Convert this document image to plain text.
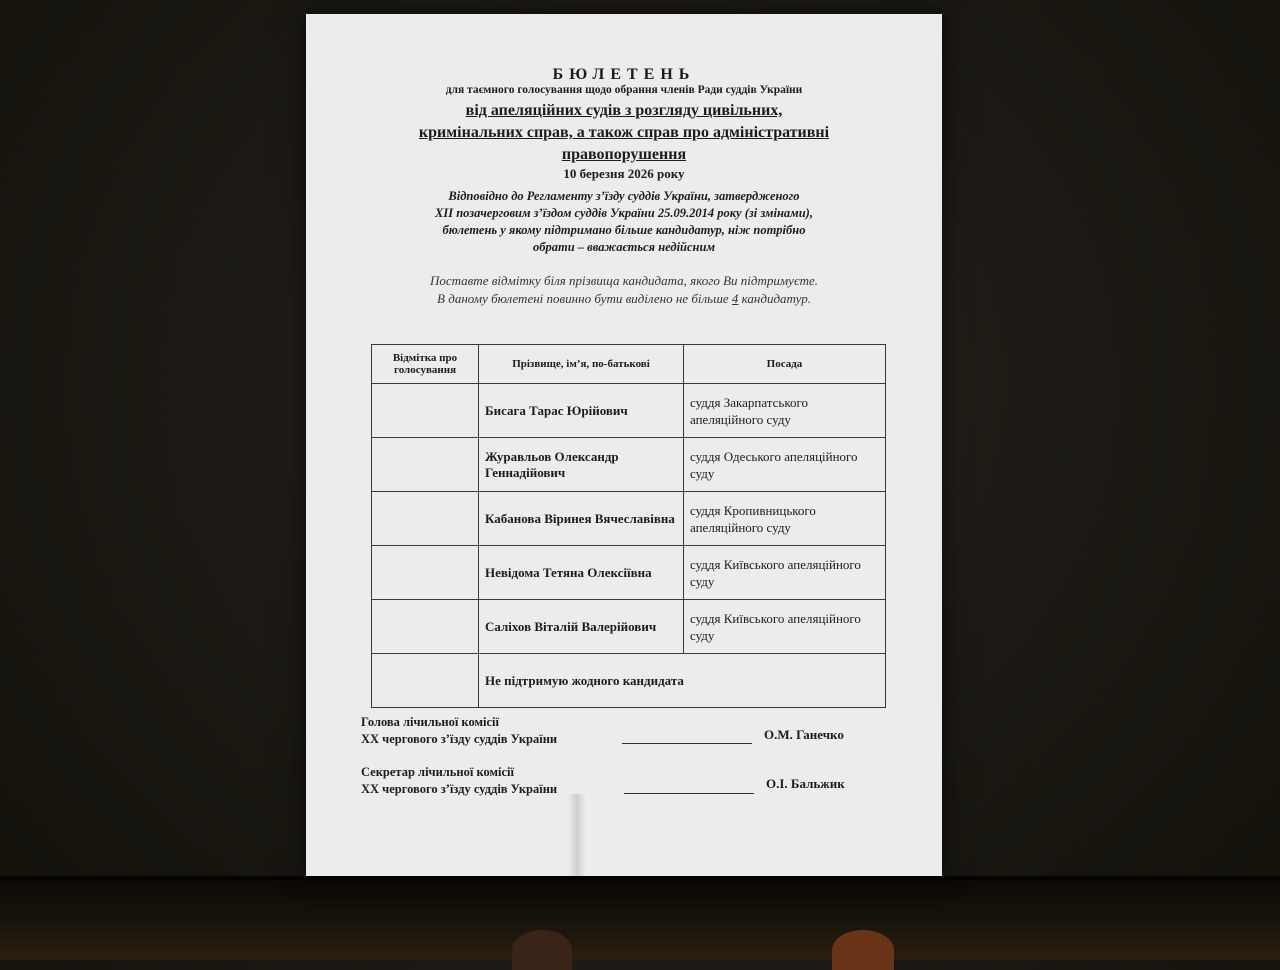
БЮЛЕТЕНЬ
для таємного голосування щодо обрання членів Ради суддів України
від апеляційних судів з розгляду цивільних,
кримінальних справ, а також справ про адміністративні
правопорушення
10 березня 2026 року
Відповідно до Регламенту з’їзду суддів України, затвердженого
XII позачерговим з’їздом суддів України 25.09.2014 року (зі змінами),
бюлетень у якому підтримано більше кандидатур, ніж потрібно
обрати – вважається недійсним
Поставте відмітку біля прізвища кандидата, якого Ви підтримуєте.
В даному бюлетені повинно бути виділено не більше 4 кандидатур.
Відмітка про голосування	Прізвище, ім’я, по-батькові	Посада
	Бисага Тарас Юрійович	суддя Закарпатського апеляційного суду
	Журавльов Олександр Геннадійович	суддя Одеського апеляційного суду
	Кабанова Віринея Вячеславівна	суддя Кропивницького апеляційного суду
	Невідома Тетяна Олексіївна	суддя Київського апеляційного суду
	Саліхов Віталій Валерійович	суддя Київського апеляційного суду
	Не підтримую жодного кандидата	
Голова лічильної комісії
XX чергового з’їзду суддів України	О.М. Ганечко
Секретар лічильної комісії
XX чергового з’їзду суддів України	О.І. Бальжик
